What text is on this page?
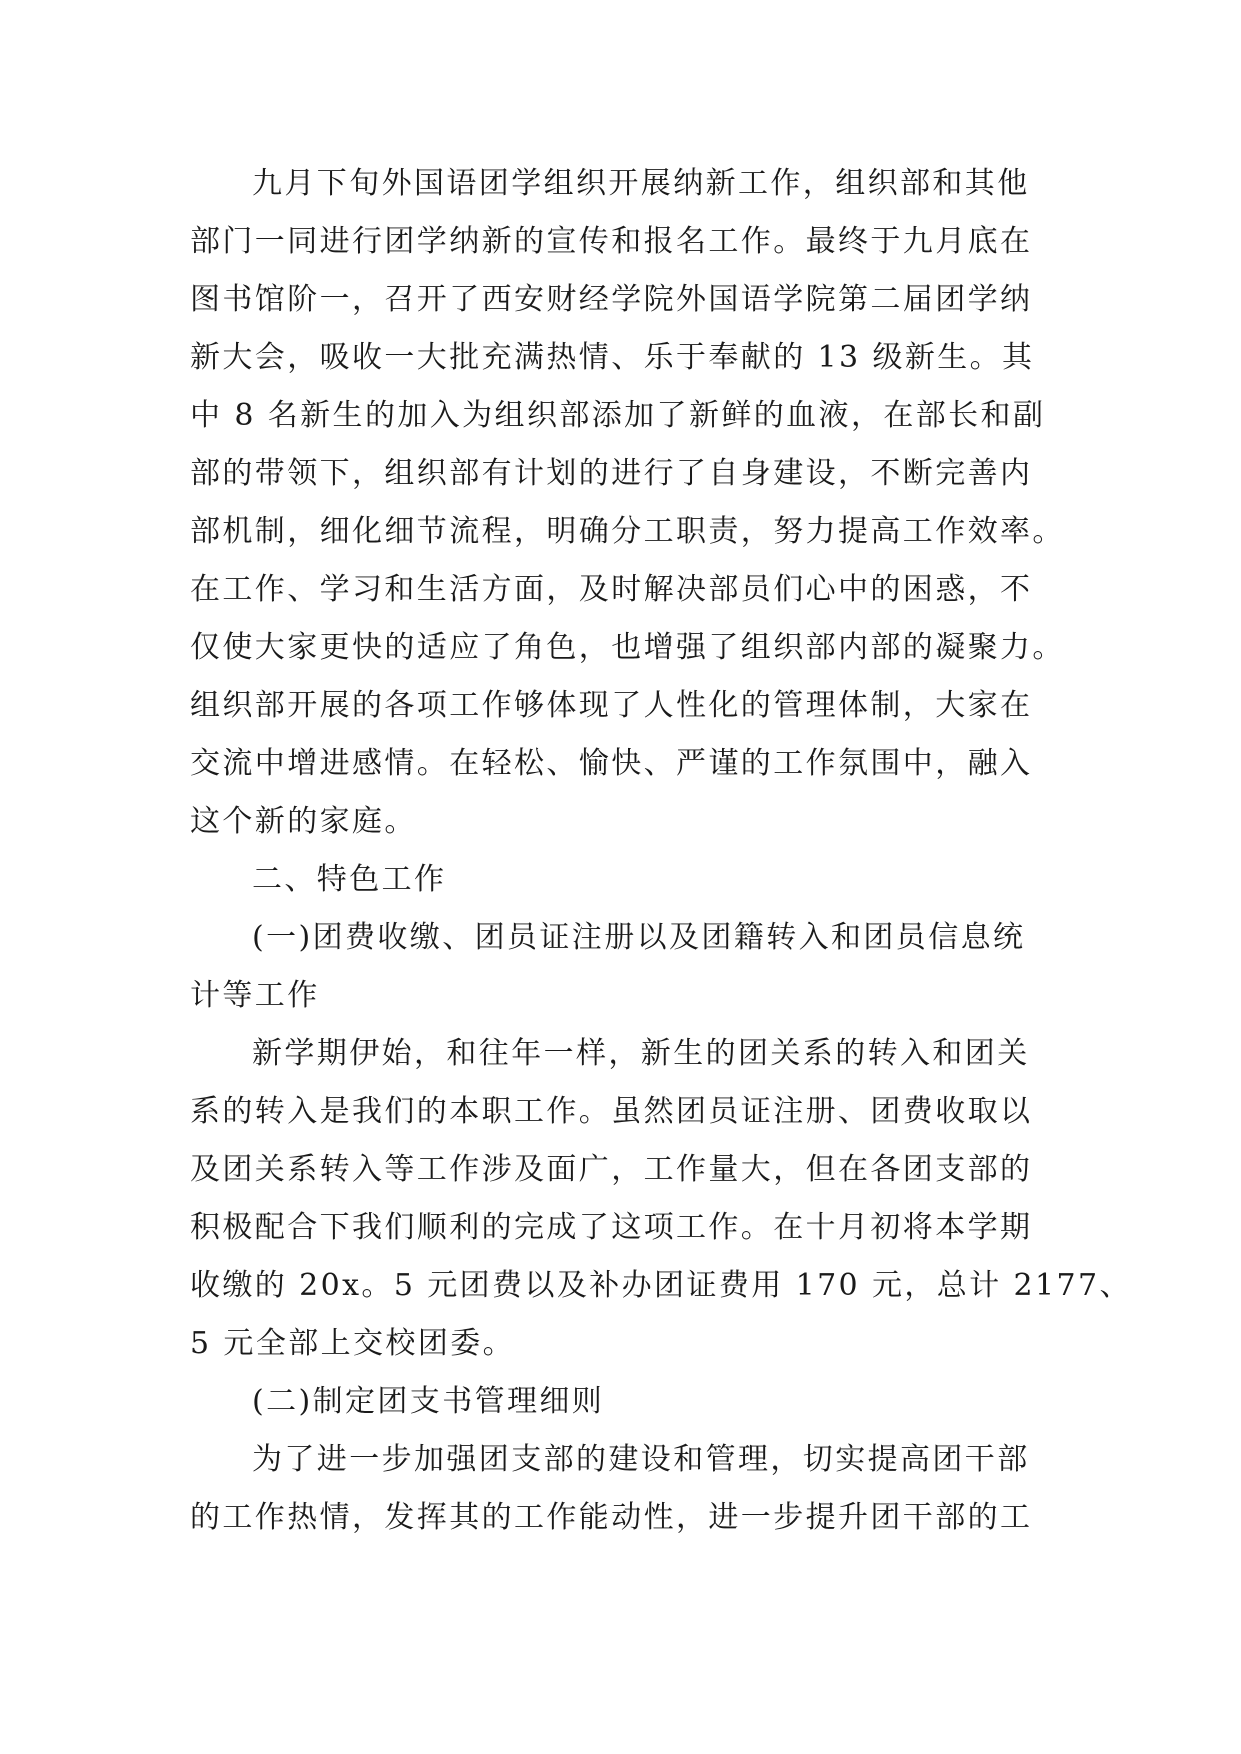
九月下旬外国语团学组织开展纳新工作，组织部和其他
部门一同进行团学纳新的宣传和报名工作。最终于九月底在
图书馆阶一，召开了西安财经学院外国语学院第二届团学纳
新大会，吸收一大批充满热情、乐于奉献的 13 级新生。其
中 8 名新生的加入为组织部添加了新鲜的血液，在部长和副
部的带领下，组织部有计划的进行了自身建设，不断完善内
部机制，细化细节流程，明确分工职责，努力提高工作效率。
在工作、学习和生活方面，及时解决部员们心中的困惑，不
仅使大家更快的适应了角色，也增强了组织部内部的凝聚力。
组织部开展的各项工作够体现了人性化的管理体制，大家在
交流中增进感情。在轻松、愉快、严谨的工作氛围中，融入
这个新的家庭。
二、特色工作
(一)团费收缴、团员证注册以及团籍转入和团员信息统
计等工作
新学期伊始，和往年一样，新生的团关系的转入和团关
系的转入是我们的本职工作。虽然团员证注册、团费收取以
及团关系转入等工作涉及面广，工作量大，但在各团支部的
积极配合下我们顺利的完成了这项工作。在十月初将本学期
收缴的 20x。5 元团费以及补办团证费用 170 元，总计 2177、
5 元全部上交校团委。
(二)制定团支书管理细则
为了进一步加强团支部的建设和管理，切实提高团干部
的工作热情，发挥其的工作能动性，进一步提升团干部的工
